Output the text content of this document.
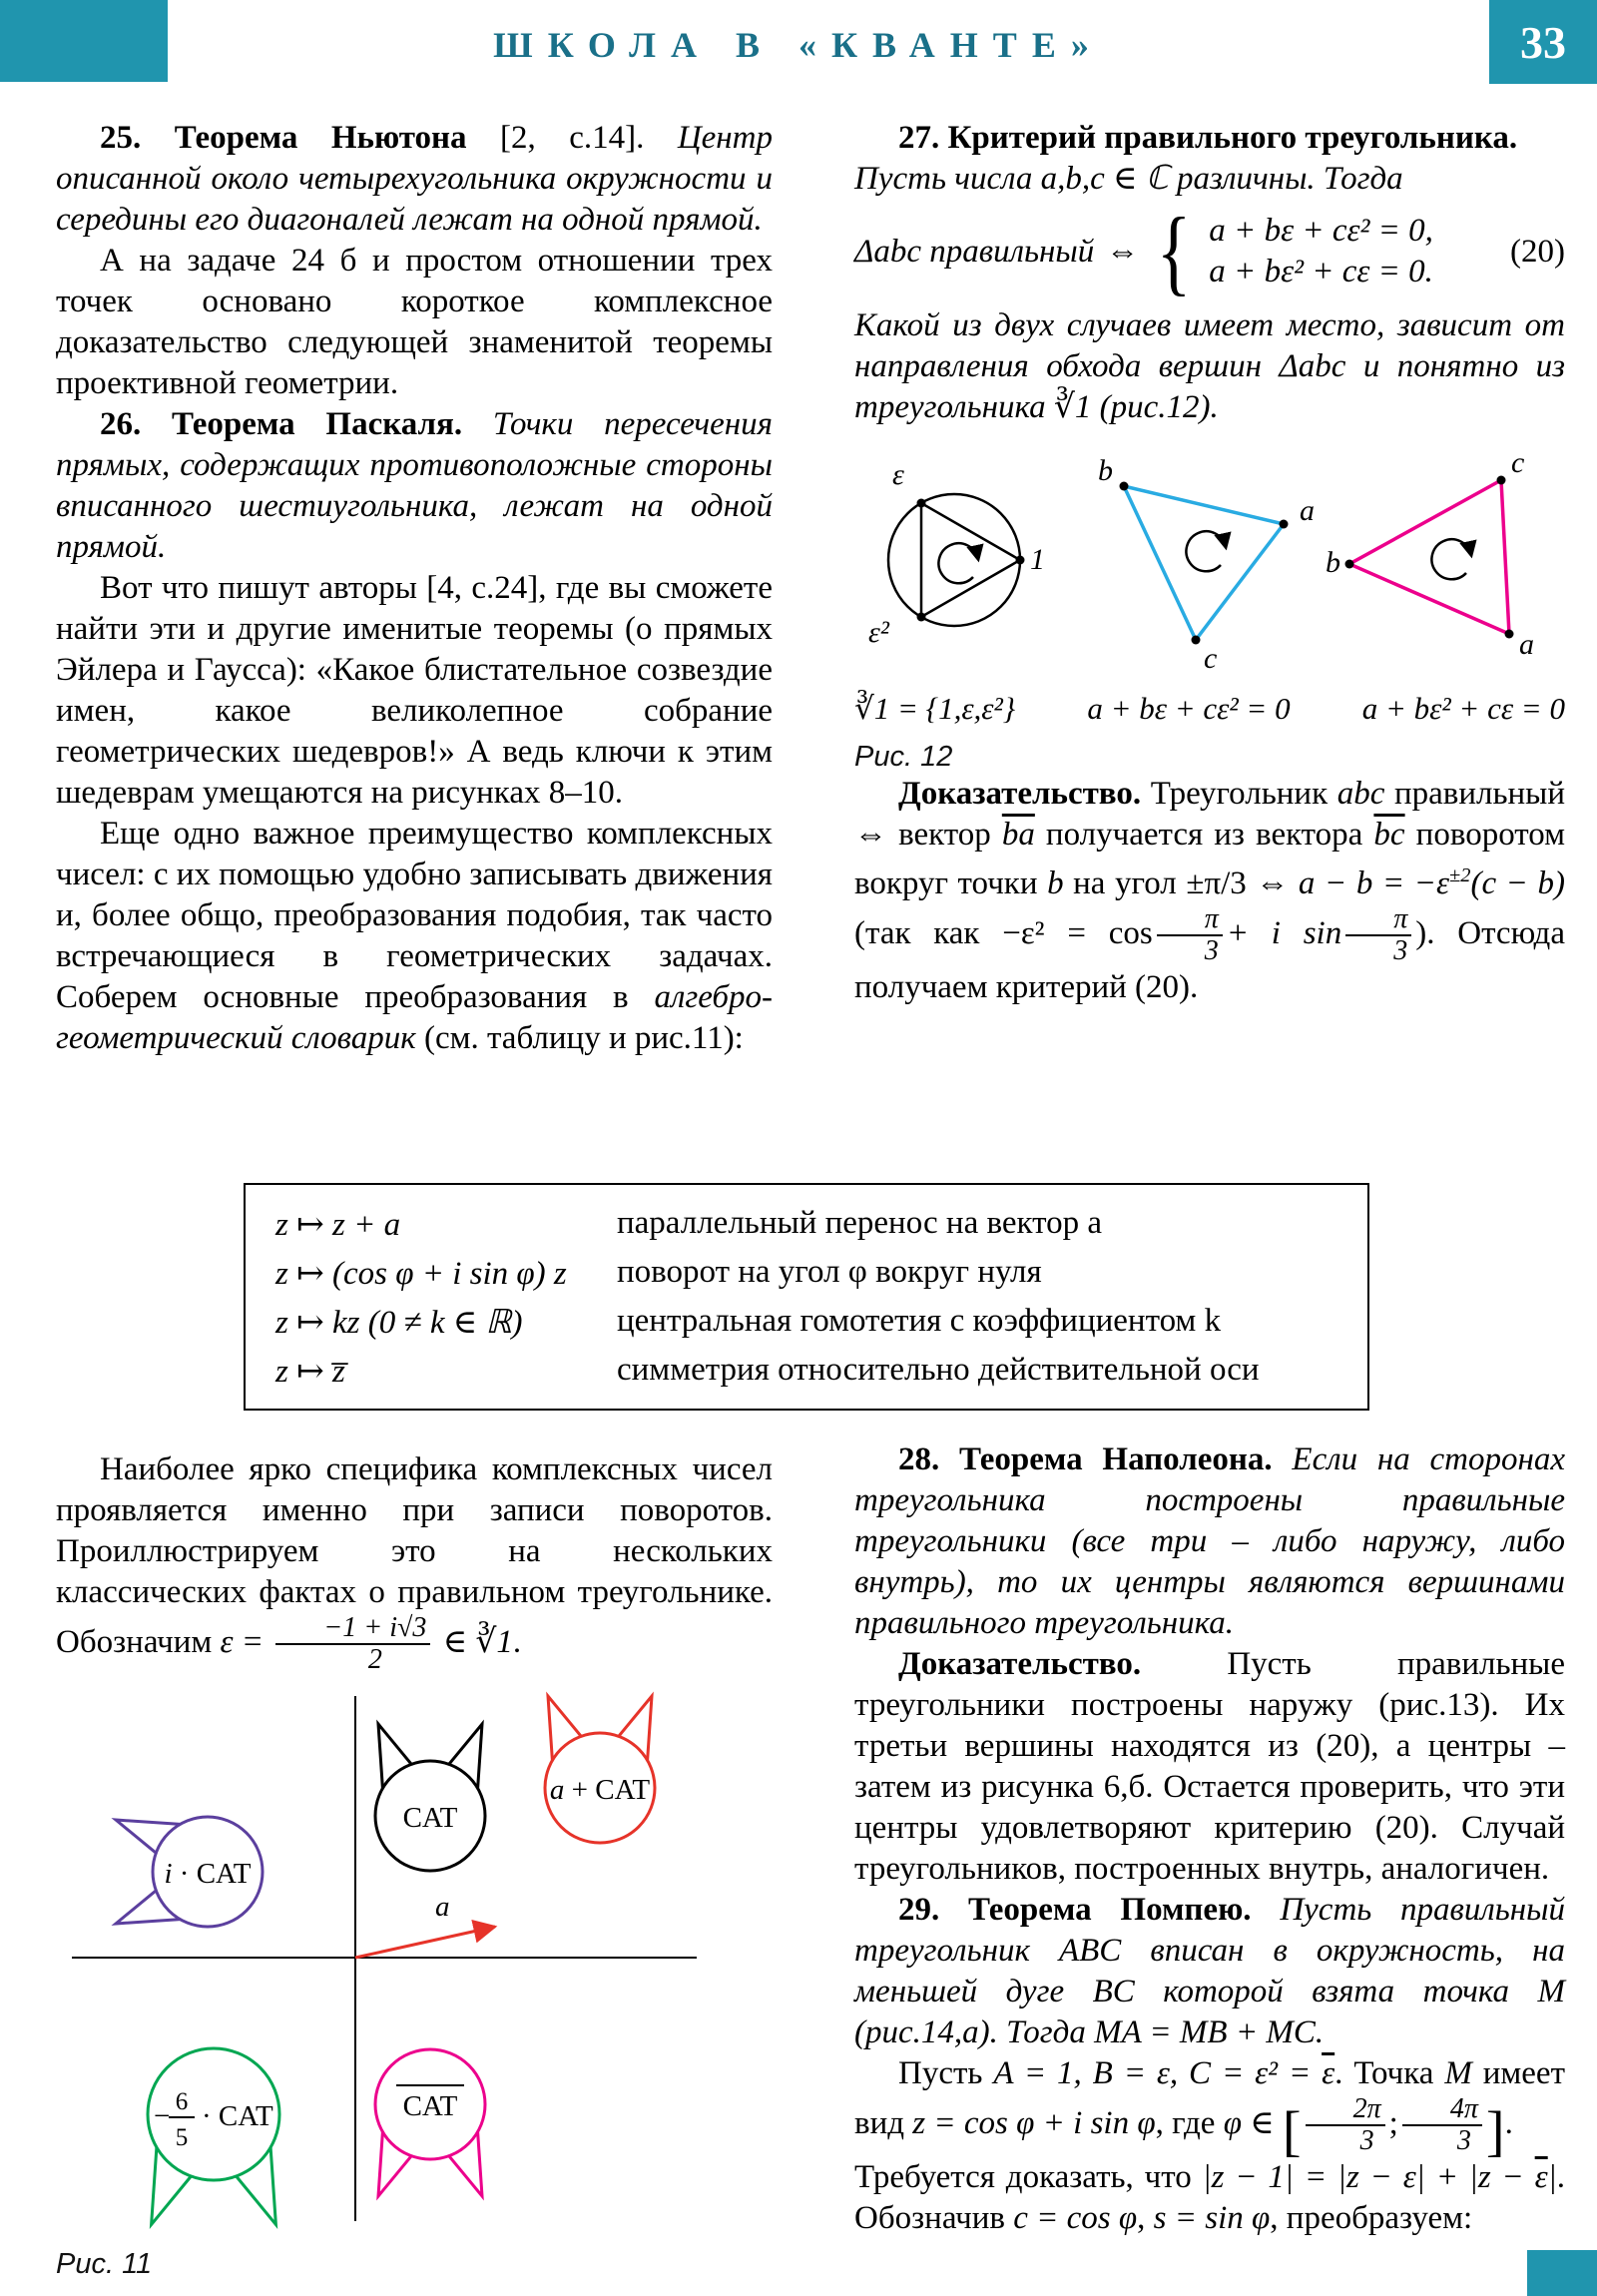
ШКОЛА В «КВАНТЕ»	33

25. Теорема Ньютона [2, с.14]. Центр описанной около четырехугольника окружности и середины его диагоналей лежат на одной прямой.

А на задаче 24 б и простом отношении трех точек основано короткое комплексное доказательство следующей знаменитой теоремы проективной геометрии.

26. Теорема Паскаля. Точки пересечения прямых, содержащих противоположные стороны вписанного шестиугольника, лежат на одной прямой.

Вот что пишут авторы [4, с.24], где вы сможете найти эти и другие именитые теоремы (о прямых Эйлера и Гаусса): «Какое блистательное созвездие имен, какое великолепное собрание геометрических шедевров!» А ведь ключи к этим шедеврам умещаются на рисунках 8–10.

Еще одно важное преимущество комплексных чисел: с их помощью удобно записывать движения и, более общо, преобразования подобия, так часто встречающиеся в геометрических задачах. Соберем основные преобразования в алгебро-геометрический словарик (см. таблицу и рис.11):

27. Критерий правильного треугольника.

Пусть числа a,b,c ∈ ℂ различны. Тогда

Δabc правильный ⇔ { a + bε + cε² = 0,
a + bε² + cε = 0.
(20)

Какой из двух случаев имеет место, зависит от направления обхода вершин Δabc и понятно из треугольника ∛1 (рис.12).

ε
1
ε²
b
a
c
c
b
a
∛1 = {1,ε,ε²} a + bε + cε² = 0 a + bε² + cε = 0
Рис. 12

Доказательство. Треугольник abc правильный ⇔ вектор $\overline{ba}$ получается из вектора $\overline{bc}$ поворотом вокруг точки b на угол ±π/3 ⇔ $a - b = -\varepsilon^{\pm 2}(c - b)$ (так как $-\varepsilon^2 = \cos \frac{\pi}{3} + i$ $\sin \frac{\pi}{3}$ ). Отсюда получаем критерий (20).

z ↦ z + a	параллельный перенос на вектор a
z ↦ (cos φ + i sin φ) z	поворот на угол φ вокруг нуля
z ↦ kz (0 ≠ k ∈ ℝ)	центральная гомотетия с коэффициентом k
z ↦ z̅	симметрия относительно действительной оси

Наиболее ярко специфика комплексных чисел проявляется именно при записи поворотов. Проиллюстрируем это на нескольких классических фактах о правильном треугольнике. Обозначим $\varepsilon = \frac{-1 + i√3}{2}$ ∈ ∛1.

CAT
a + CAT
i · CAT
CAT
− 6
5
· CAT
a
Рис. 11

28. Теорема Наполеона. Если на сторонах треугольника построены правильные треугольники (все три – либо наружу, либо внутрь), то их центры являются вершинами правильного треугольника.

Доказательство. Пусть правильные треугольники построены наружу (рис.13). Их третьи вершины находятся из (20), а центры – затем из рисунка 6,б. Остается проверить, что эти центры удовлетворяют критерию (20). Случай треугольников, построенных внутрь, аналогичен.

29. Теорема Помпею. Пусть правильный треугольник ABC вписан в окружность, на меньшей дуге BC которой взята точка M (рис.14,а). Тогда MA = MB + MC.

Пусть A = 1, B = ε, $C = \varepsilon^2 = \overline{\varepsilon}$. Точка M имеет вид z = cos φ + i sin φ, где φ ∈ [ $\frac{2\pi}{3}$ ; $\frac{4\pi}{3}$ ].

Требуется доказать, что $|z - 1| = |z - \varepsilon| + |z - \overline{\varepsilon}|$. Обозначив c = cos φ, s = sin φ, преобразуем:
